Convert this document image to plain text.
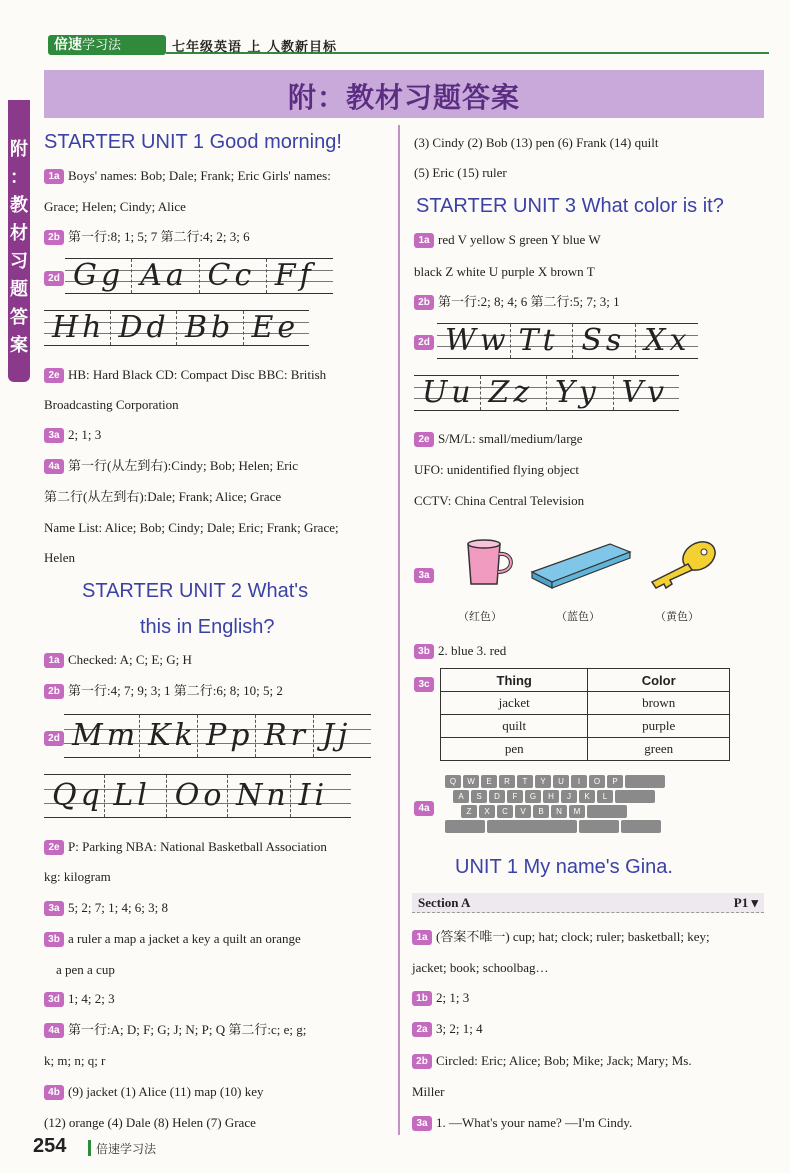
倍速学习法	七年级英语 上 人教新目标
附：教材习题答案
附
：
教
材
习
题
答
案
STARTER UNIT 1 Good morning!
1a Boys' names: Bob; Dale; Frank; Eric Girls' names:
Grace; Helen; Cindy; Alice
2b 第一行:8; 1; 5; 7 第二行:4; 2; 3; 6
2d Gg Aa Cc Ff
Hh Dd Bb Ee
2e HB: Hard Black CD: Compact Disc BBC: British
Broadcasting Corporation
3a 2; 1; 3
4a 第一行(从左到右):Cindy; Bob; Helen; Eric
第二行(从左到右):Dale; Frank; Alice; Grace
Name List: Alice; Bob; Cindy; Dale; Eric; Frank; Grace;
Helen
STARTER UNIT 2 What's
this in English?
1a Checked: A; C; E; G; H
2b 第一行:4; 7; 9; 3; 1 第二行:6; 8; 10; 5; 2
2d Mm Kk Pp Rr Jj
Qq Ll Oo Nn Ii
2e P: Parking NBA: National Basketball Association
kg: kilogram
3a 5; 2; 7; 1; 4; 6; 3; 8
3b a ruler a map a jacket a key a quilt an orange
a pen a cup
3d 1; 4; 2; 3
4a 第一行:A; D; F; G; J; N; P; Q 第二行:c; e; g;
k; m; n; q; r
4b (9) jacket (1) Alice (11) map (10) key
(12) orange (4) Dale (8) Helen (7) Grace
(3) Cindy (2) Bob (13) pen (6) Frank (14) quilt
(5) Eric (15) ruler
STARTER UNIT 3 What color is it?
1a red V yellow S green Y blue W
black Z white U purple X brown T
2b 第一行:2; 8; 4; 6 第二行:5; 7; 3; 1
2d Ww Tt Ss Xx
Uu Zz Yy Vv
2e S/M/L: small/medium/large
UFO: unidentified flying object
CCTV: China Central Television
3a
（红色）	（蓝色）	（黄色）
3b 2. blue 3. red
3c	Thing	Color
jacket	brown
quilt	purple
pen	green
4a
Q	W	E	R	T	Y	U	I	O	P
A	S	D	F	G	H	J	K	L
Z	X	C	V	B	N	M
UNIT 1 My name's Gina.
Section A	P1 ▾
1a (答案不唯一) cup; hat; clock; ruler; basketball; key;
jacket; book; schoolbag…
1b 2; 1; 3
2a 3; 2; 1; 4
2b Circled: Eric; Alice; Bob; Mike; Jack; Mary; Ms.
Miller
3a 1. —What's your name? —I'm Cindy.
254 倍速学习法
